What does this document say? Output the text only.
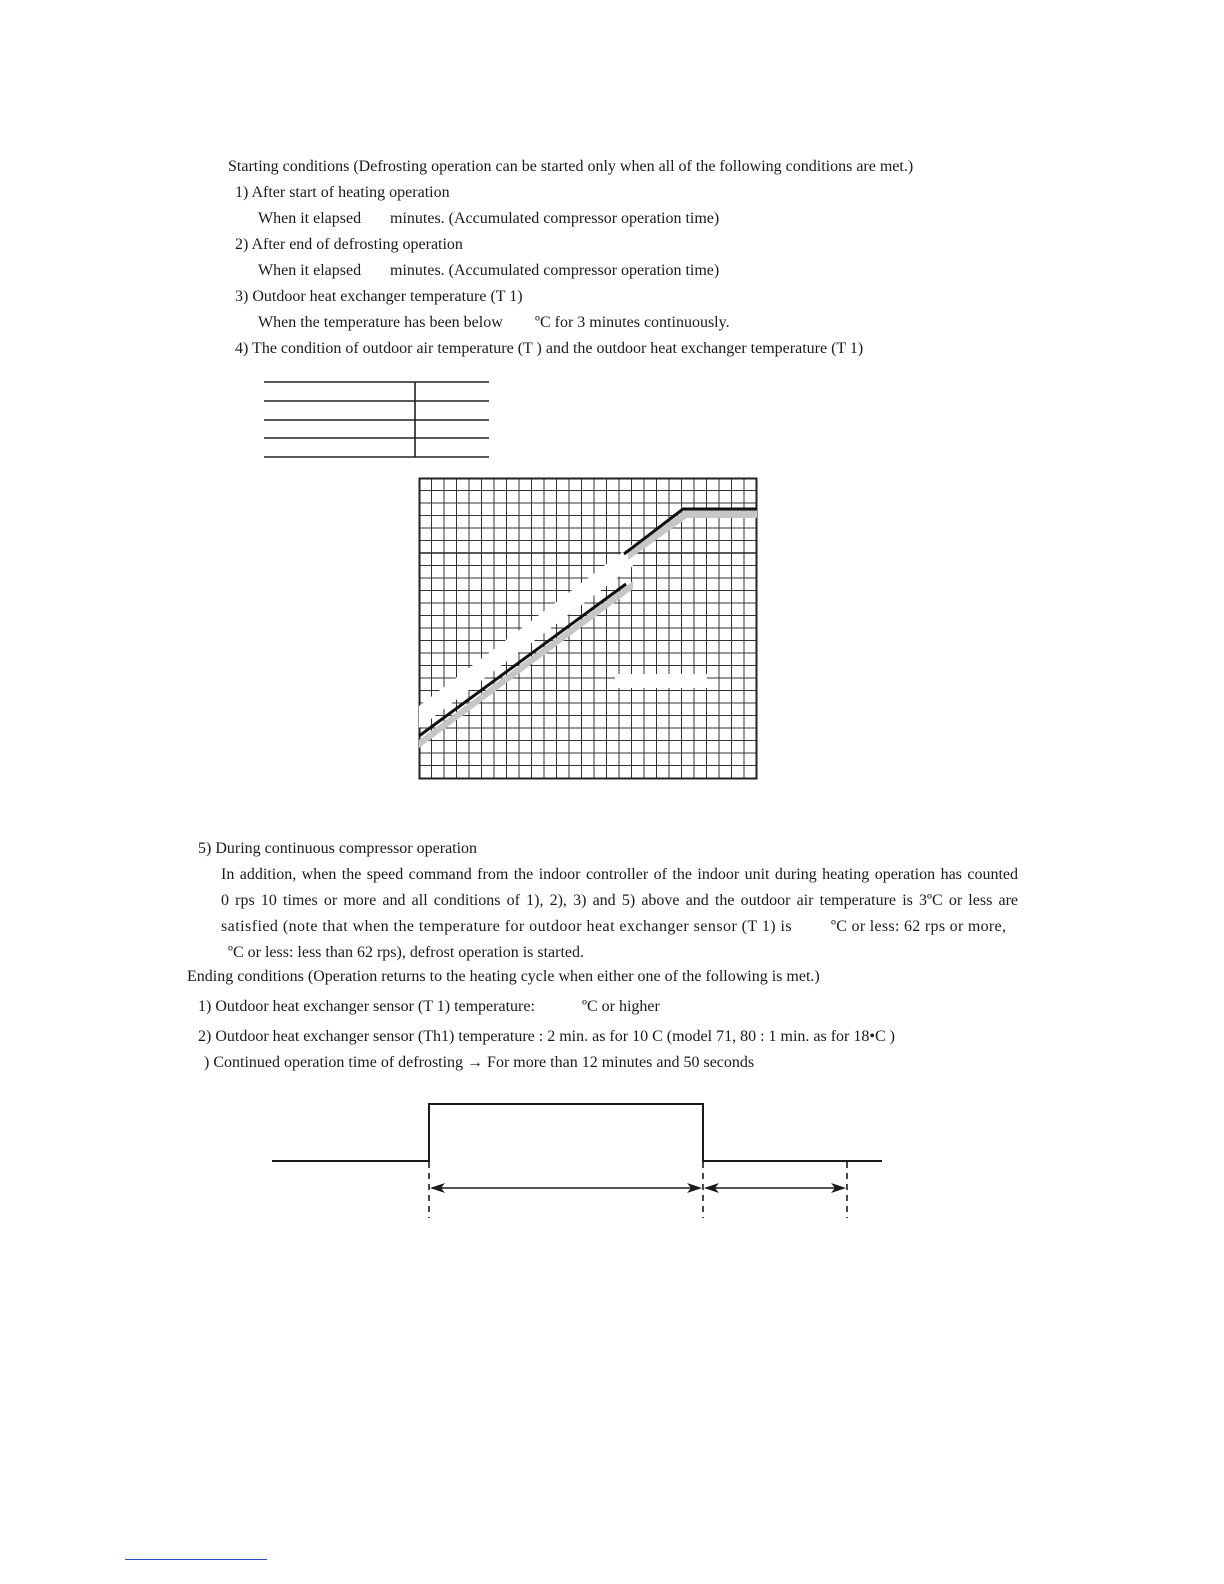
Starting conditions (Defrosting operation can be started only when all of the following conditions are met.)
1) After start of heating operation
When it elapsed minutes. (Accumulated compressor operation time)
2) After end of defrosting operation
When it elapsed minutes. (Accumulated compressor operation time)
3) Outdoor heat exchanger temperature (T 1)
When the temperature has been below ºC for 3 minutes continuously.
4) The condition of outdoor air temperature (T ) and the outdoor heat exchanger temperature (T 1)
5) During continuous compressor operation
In addition, when the speed command from the indoor controller of the indoor unit during heating operation has counted
0 rps 10 times or more and all conditions of 1), 2), 3) and 5) above and the outdoor air temperature is 3ºC or less are
satisfied (note that when the temperature for outdoor heat exchanger sensor (T 1) is ºC or less: 62 rps or more,
ºC or less: less than 62 rps), defrost operation is started.
Ending conditions (Operation returns to the heating cycle when either one of the following is met.)
1) Outdoor heat exchanger sensor (T 1) temperature:	ºC or higher
2) Outdoor heat exchanger sensor (Th1) temperature : 2 min. as for 10 C (model 71, 80 : 1 min. as for 18•C )
) Continued operation time of defrosting → For more than 12 minutes and 50 seconds
